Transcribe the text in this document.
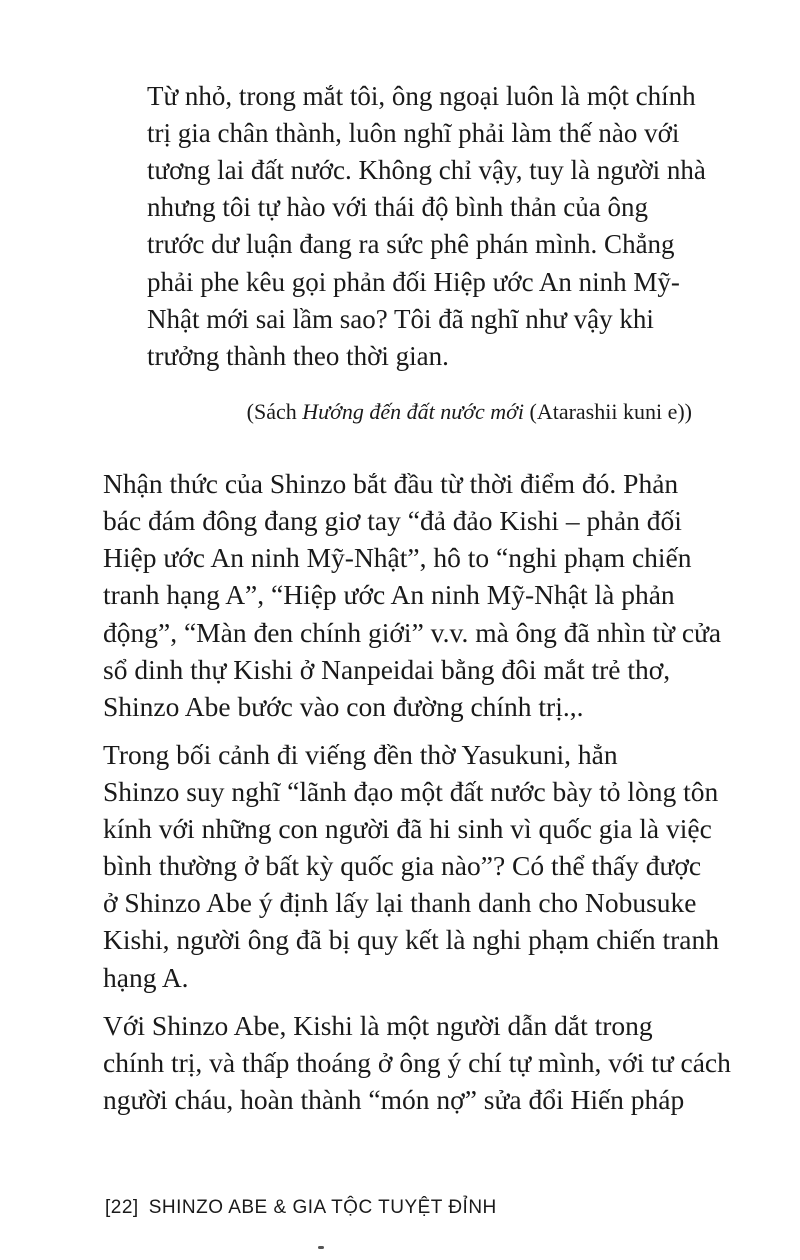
Từ nhỏ, trong mắt tôi, ông ngoại luôn là một chính
trị gia chân thành, luôn nghĩ phải làm thế nào với
tương lai đất nước. Không chỉ vậy, tuy là người nhà
nhưng tôi tự hào với thái độ bình thản của ông
trước dư luận đang ra sức phê phán mình. Chẳng
phải phe kêu gọi phản đối Hiệp ước An ninh Mỹ-
Nhật mới sai lầm sao? Tôi đã nghĩ như vậy khi
trưởng thành theo thời gian.
(Sách Hướng đến đất nước mới (Atarashii kuni e))
Nhận thức của Shinzo bắt đầu từ thời điểm đó. Phản
bác đám đông đang giơ tay “đả đảo Kishi – phản đối
Hiệp ước An ninh Mỹ-Nhật”, hô to “nghi phạm chiến
tranh hạng A”, “Hiệp ước An ninh Mỹ-Nhật là phản
động”, “Màn đen chính giới” v.v. mà ông đã nhìn từ cửa
sổ dinh thự Kishi ở Nanpeidai bằng đôi mắt trẻ thơ,
Shinzo Abe bước vào con đường chính trị.,.
Trong bối cảnh đi viếng đền thờ Yasukuni, hẳn
Shinzo suy nghĩ “lãnh đạo một đất nước bày tỏ lòng tôn
kính với những con người đã hi sinh vì quốc gia là việc
bình thường ở bất kỳ quốc gia nào”? Có thể thấy được
ở Shinzo Abe ý định lấy lại thanh danh cho Nobusuke
Kishi, người ông đã bị quy kết là nghi phạm chiến tranh
hạng A.
Với Shinzo Abe, Kishi là một người dẫn dắt trong
chính trị, và thấp thoáng ở ông ý chí tự mình, với tư cách
người cháu, hoàn thành “món nợ” sửa đổi Hiến pháp
[22] SHINZO ABE & GIA TỘC TUYỆT ĐỈNH
